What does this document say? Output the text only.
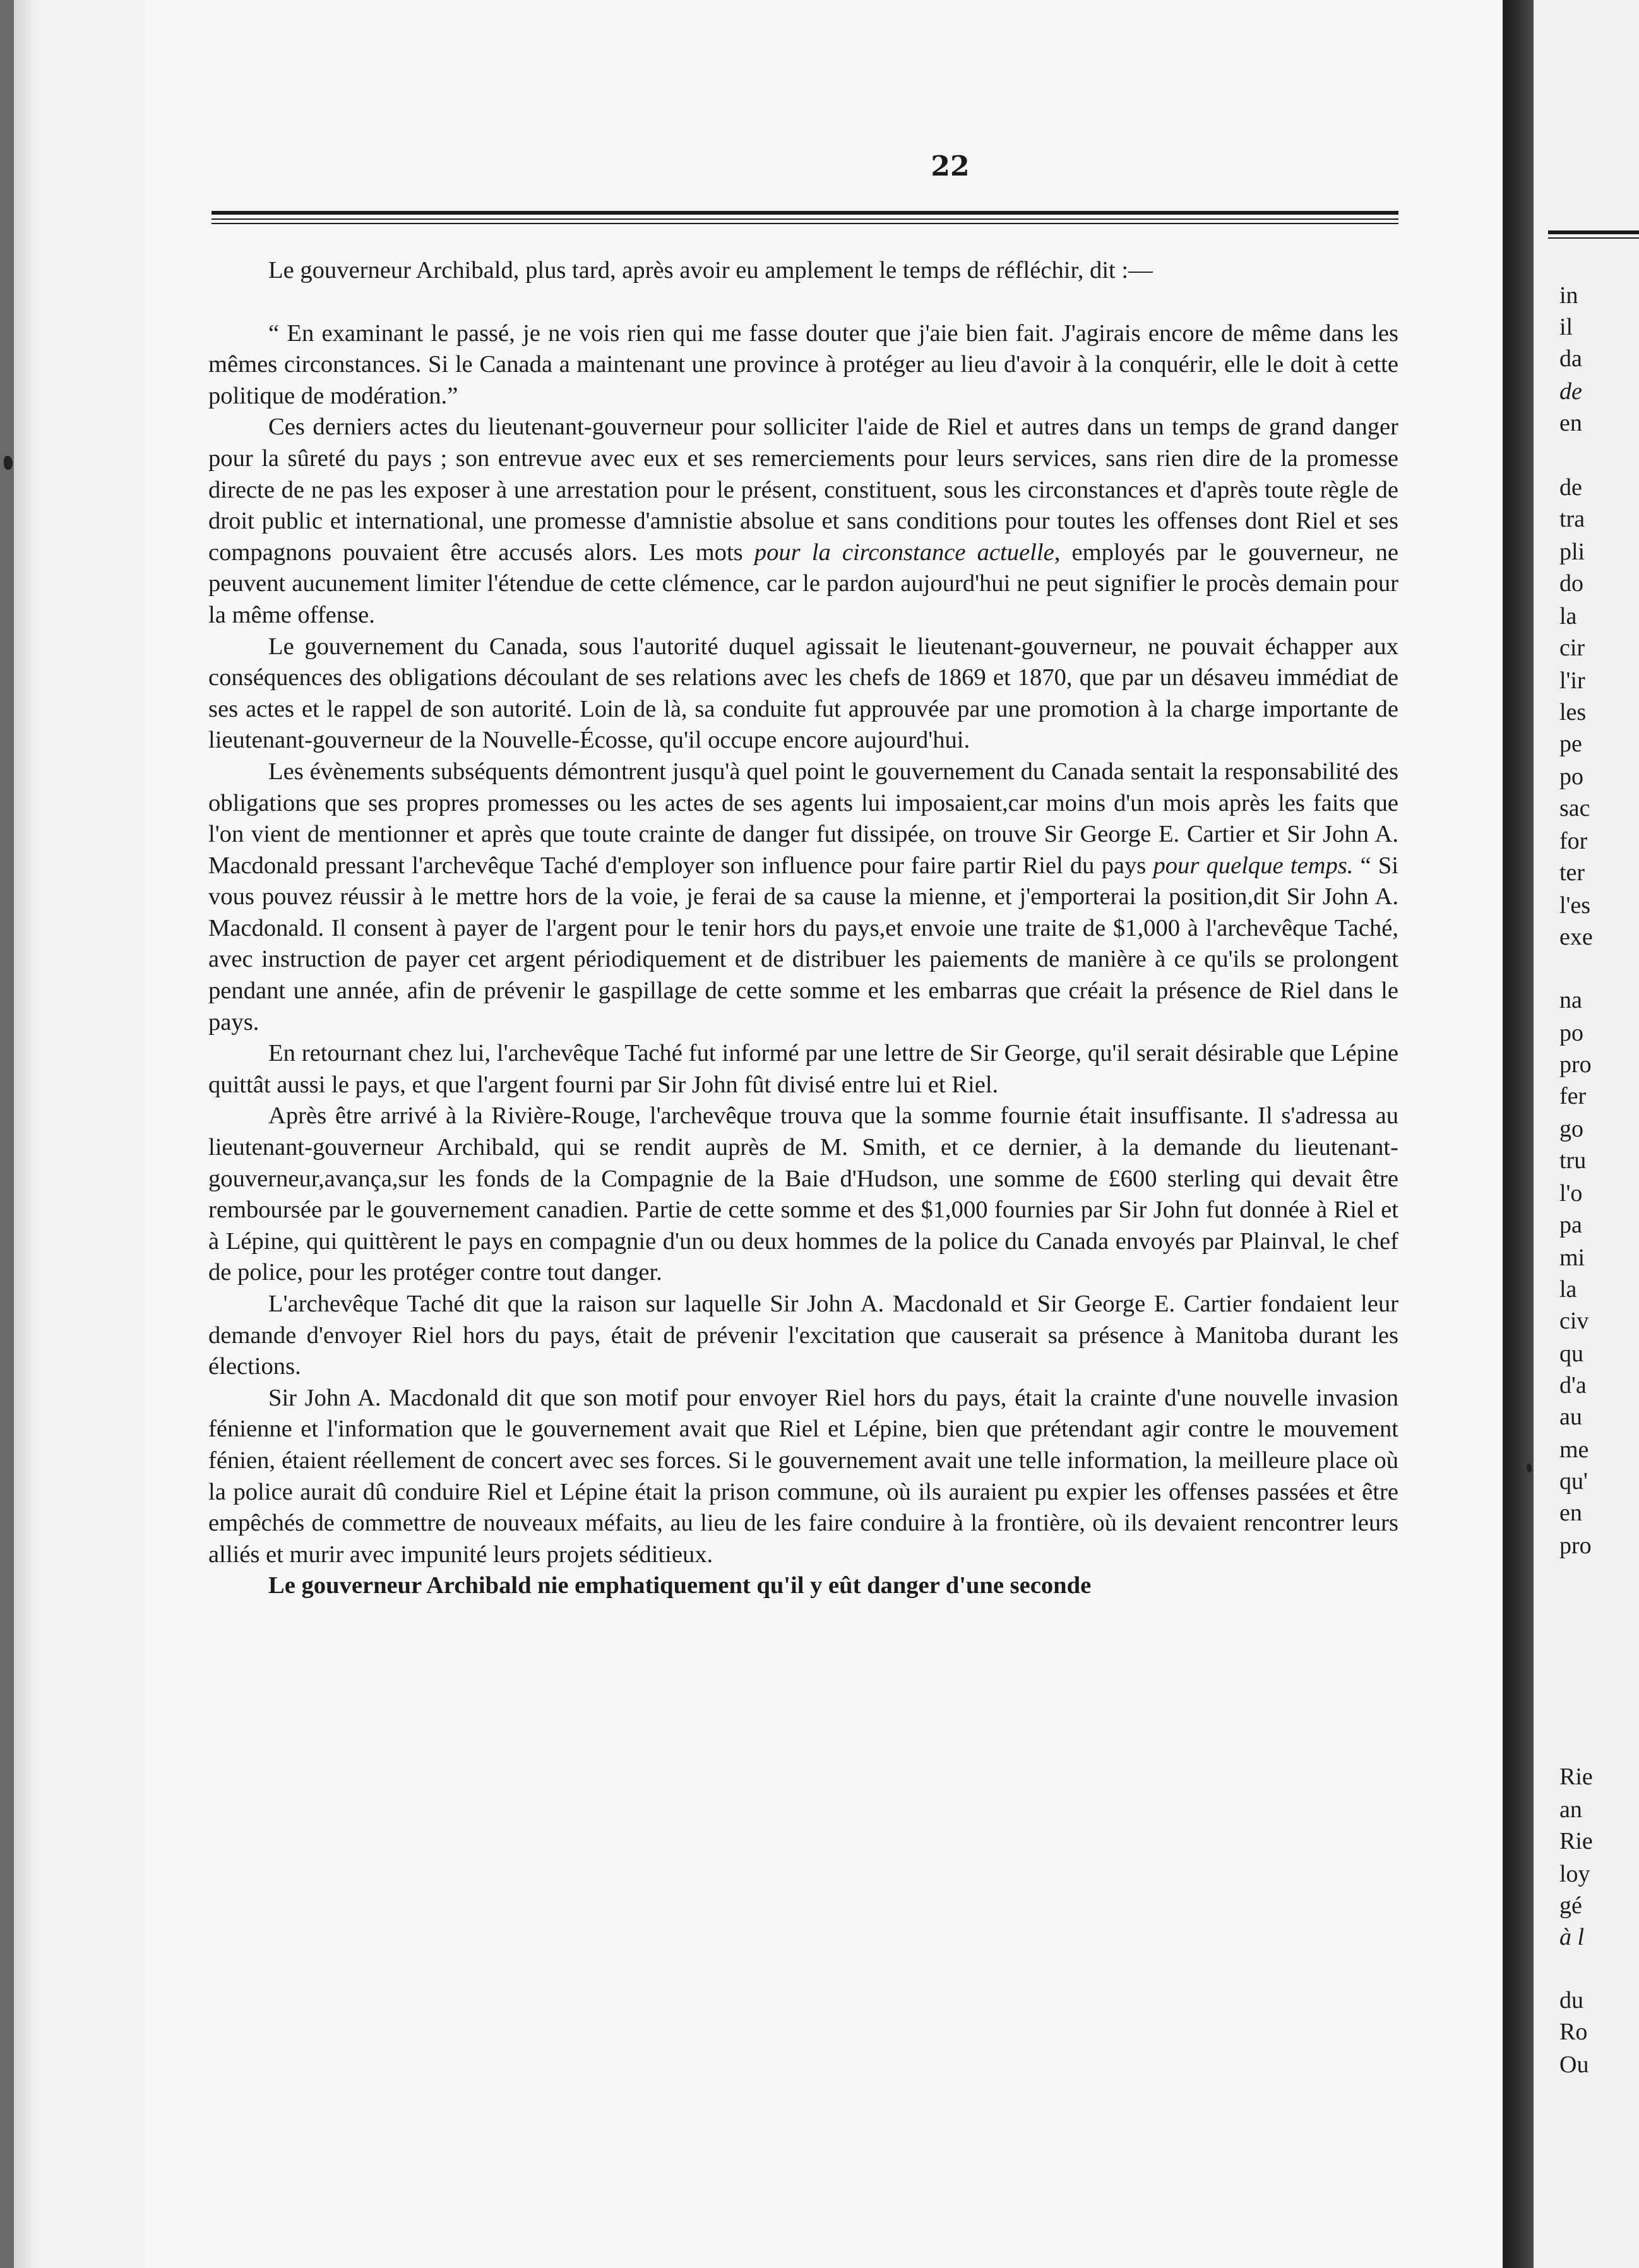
22

Le gouverneur Archibald, plus tard, après avoir eu amplement le temps de réfléchir, dit :—

“ En examinant le passé, je ne vois rien qui me fasse douter que j'aie bien fait. J'agirais encore de même dans les mêmes circonstances. Si le Canada a maintenant une province à protéger au lieu d'avoir à la conquérir, elle le doit à cette politique de modération.”

Ces derniers actes du lieutenant-gouverneur pour solliciter l'aide de Riel et autres dans un temps de grand danger pour la sûreté du pays ; son entrevue avec eux et ses remerciements pour leurs services, sans rien dire de la promesse directe de ne pas les exposer à une arrestation pour le présent, constituent, sous les circonstances et d'après toute règle de droit public et international, une promesse d'amnistie absolue et sans conditions pour toutes les offenses dont Riel et ses compagnons pouvaient être accusés alors. Les mots pour la circonstance actuelle, employés par le gouverneur, ne peuvent aucunement limiter l'étendue de cette clémence, car le pardon aujourd'hui ne peut signifier le procès demain pour la même offense.

Le gouvernement du Canada, sous l'autorité duquel agissait le lieutenant-gouverneur, ne pouvait échapper aux conséquences des obligations découlant de ses relations avec les chefs de 1869 et 1870, que par un désaveu immédiat de ses actes et le rappel de son autorité. Loin de là, sa conduite fut approuvée par une promotion à la charge importante de lieutenant-gouverneur de la Nouvelle-Écosse, qu'il occupe encore aujourd'hui.

Les évènements subséquents démontrent jusqu'à quel point le gouvernement du Canada sentait la responsabilité des obligations que ses propres promesses ou les actes de ses agents lui imposaient,car moins d'un mois après les faits que l'on vient de mentionner et après que toute crainte de danger fut dissipée, on trouve Sir George E. Cartier et Sir John A. Macdonald pressant l'archevêque Taché d'employer son influence pour faire partir Riel du pays pour quelque temps. “ Si vous pouvez réussir à le mettre hors de la voie, je ferai de sa cause la mienne, et j'emporterai la position,dit Sir John A. Macdonald. Il consent à payer de l'argent pour le tenir hors du pays,et envoie une traite de $1,000 à l'archevêque Taché, avec instruction de payer cet argent périodiquement et de distribuer les paiements de manière à ce qu'ils se prolongent pendant une année, afin de prévenir le gaspillage de cette somme et les embarras que créait la présence de Riel dans le pays.

En retournant chez lui, l'archevêque Taché fut informé par une lettre de Sir George, qu'il serait désirable que Lépine quittât aussi le pays, et que l'argent fourni par Sir John fût divisé entre lui et Riel.

Après être arrivé à la Rivière-Rouge, l'archevêque trouva que la somme fournie était insuffisante. Il s'adressa au lieutenant-gouverneur Archibald, qui se rendit auprès de M. Smith, et ce dernier, à la demande du lieutenant-gouverneur,avança,sur les fonds de la Compagnie de la Baie d'Hudson, une somme de £600 sterling qui devait être remboursée par le gouvernement canadien. Partie de cette somme et des $1,000 fournies par Sir John fut donnée à Riel et à Lépine, qui quittèrent le pays en compagnie d'un ou deux hommes de la police du Canada envoyés par Plainval, le chef de police, pour les protéger contre tout danger.

L'archevêque Taché dit que la raison sur laquelle Sir John A. Macdonald et Sir George E. Cartier fondaient leur demande d'envoyer Riel hors du pays, était de prévenir l'excitation que causerait sa présence à Manitoba durant les élections.

Sir John A. Macdonald dit que son motif pour envoyer Riel hors du pays, était la crainte d'une nouvelle invasion fénienne et l'information que le gouvernement avait que Riel et Lépine, bien que prétendant agir contre le mouvement fénien, étaient réellement de concert avec ses forces. Si le gouvernement avait une telle information, la meilleure place où la police aurait dû conduire Riel et Lépine était la prison commune, où ils auraient pu expier les offenses passées et être empêchés de commettre de nouveaux méfaits, au lieu de les faire conduire à la frontière, où ils devaient rencontrer leurs alliés et murir avec impunité leurs projets séditieux.

Le gouverneur Archibald nie emphatiquement qu'il y eût danger d'une seconde

in
il
da
de
en
de
tra
pli
do
la
cir
l'ir
les
pe
po
sac
for
ter
l'es
exe
na
po
pro
fer
go
tru
l'o
pa
mi
la
civ
qu
d'a
au
me
qu'
en
pro
Rie
an
Rie
loy
gé
à l
du
Ro
Ou
